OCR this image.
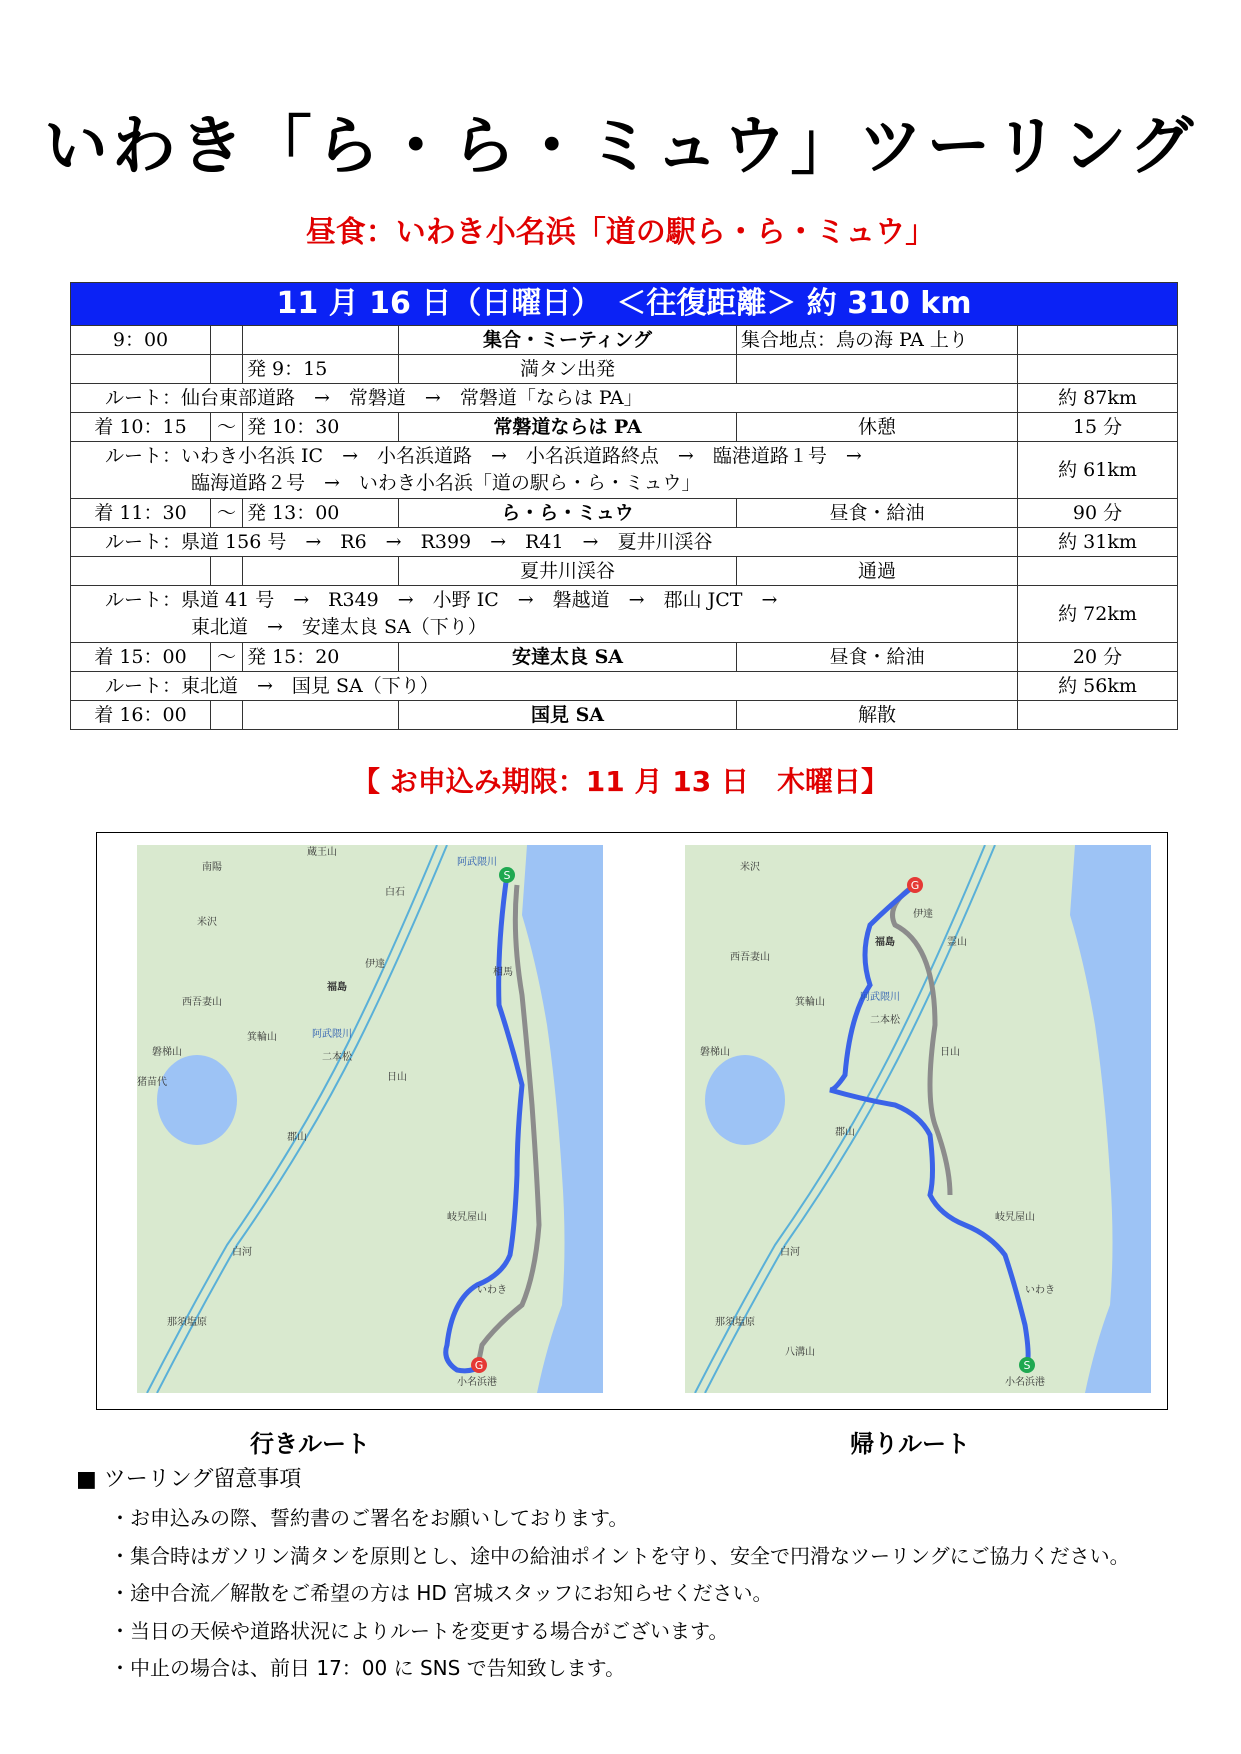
いわき「ら・ら・ミュウ」ツーリング
昼食：いわき小名浜「道の駅ら・ら・ミュウ」
11 月 16 日（日曜日）　＜往復距離＞ 約 310 km					
9：00			集合・ミーティング	集合地点：鳥の海 PA 上り	
		発 9：15	満タン出発		
ルート：仙台東部道路　→　常磐道　→　常磐道「ならは PA」					約 87km
着 10：15	〜	発 10：30	常磐道ならは PA	休憩	15 分

ルート：いわき小名浜 IC　→　小名浜道路　→　小名浜道路終点　→　臨港道路１号　→
臨海道路２号　→　いわき小名浜「道の駅ら・ら・ミュウ」					約 61km
着 11：30	〜	発 13：00	ら・ら・ミュウ	昼食・給油	90 分
ルート：県道 156 号　→　R6　→　R399　→　R41　→　夏井川渓谷					約 31km
			夏井川渓谷	通過	

ルート：県道 41 号　→　R349　→　小野 IC　→　磐越道　→　郡山 JCT　→
東北道　→　安達太良 SA（下り）					約 72km
着 15：00	〜	発 15：20	安達太良 SA	昼食・給油	20 分
ルート：東北道　→　国見 SA（下り）					約 56km
着 16：00			国見 SA	解散	
【 お申込み期限：11 月 13 日　木曜日】
S
G
蔵王山
南陽	阿武隈川
白石
米沢
伊達
相馬
福島
西吾妻山
箕輪山	阿武隈川
二本松
磐梯山
日山
猪苗代
郡山
岐旯屋山
白河
いわき
那須塩原
小名浜港
G
S
米沢
伊達
福島
西吾妻山
霊山
箕輪山	阿武隈川
二本松
日山
磐梯山
郡山
岐旯屋山
白河
いわき
那須塩原
八溝山
小名浜港
行きルート	帰りルート
■ ツーリング留意事項
・お申込みの際、誓約書のご署名をお願いしております。
・集合時はガソリン満タンを原則とし、途中の給油ポイントを守り、安全で円滑なツーリングにご協力ください。
・途中合流／解散をご希望の方は HD 宮城スタッフにお知らせください。
・当日の天候や道路状況によりルートを変更する場合がございます。
・中止の場合は、前日 17：00 に SNS で告知致します。
